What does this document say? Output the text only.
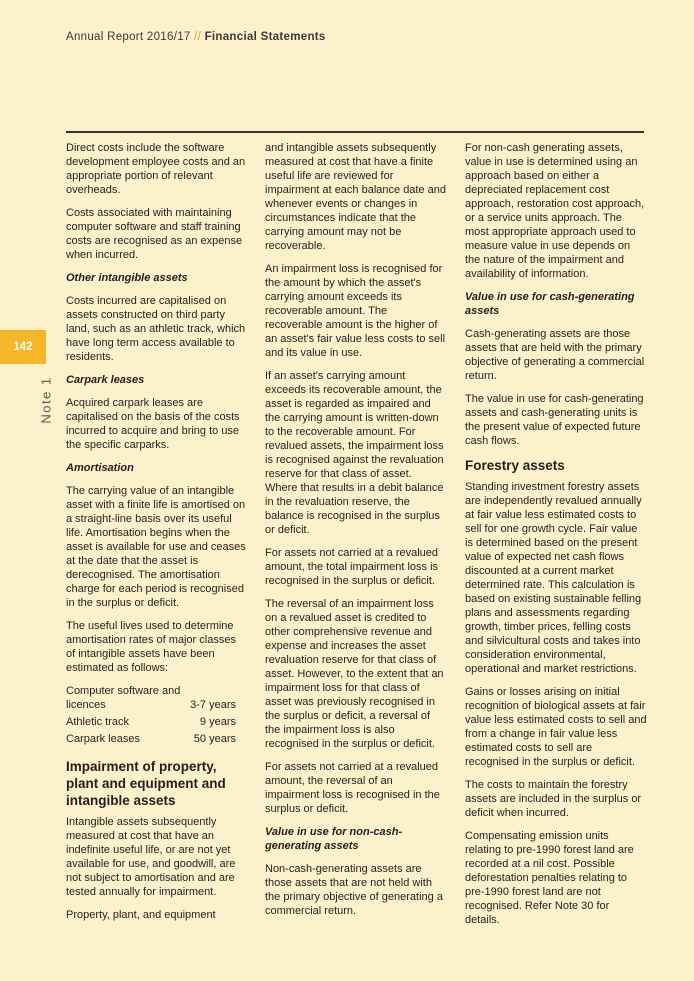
Annual Report 2016/17 // Financial Statements
142
Note 1

Direct costs include the software development employee costs and an appropriate portion of relevant overheads.

Costs associated with maintaining computer software and staff training costs are recognised as an expense when incurred.

Other intangible assets

Costs incurred are capitalised on assets constructed on third party land, such as an athletic track, which have long term access available to residents.

Carpark leases

Acquired carpark leases are capitalised on the basis of the costs incurred to acquire and bring to use the specific carparks.

Amortisation

The carrying value of an intangible asset with a finite life is amortised on a straight-line basis over its useful life. Amortisation begins when the asset is available for use and ceases at the date that the asset is derecognised. The amortisation charge for each period is recognised in the surplus or deficit.

The useful lives used to determine amortisation rates of major classes of intangible assets have been estimated as follows:

Computer software and licences	3-7 years
Athletic track	9 years
Carpark leases	50 years
Impairment of property, plant and equipment and intangible assets

Intangible assets subsequently measured at cost that have an indefinite useful life, or are not yet available for use, and goodwill, are not subject to amortisation and are tested annually for impairment.

Property, plant, and equipment

and intangible assets subsequently measured at cost that have a finite useful life are reviewed for impairment at each balance date and whenever events or changes in circumstances indicate that the carrying amount may not be recoverable.

An impairment loss is recognised for the amount by which the asset's carrying amount exceeds its recoverable amount. The recoverable amount is the higher of an asset's fair value less costs to sell and its value in use.

If an asset's carrying amount exceeds its recoverable amount, the asset is regarded as impaired and the carrying amount is written-down to the recoverable amount. For revalued assets, the impairment loss is recognised against the revaluation reserve for that class of asset. Where that results in a debit balance in the revaluation reserve, the balance is recognised in the surplus or deficit.

For assets not carried at a revalued amount, the total impairment loss is recognised in the surplus or deficit.

The reversal of an impairment loss on a revalued asset is credited to other comprehensive revenue and expense and increases the asset revaluation reserve for that class of asset. However, to the extent that an impairment loss for that class of asset was previously recognised in the surplus or deficit, a reversal of the impairment loss is also recognised in the surplus or deficit.

For assets not carried at a revalued amount, the reversal of an impairment loss is recognised in the surplus or deficit.

Value in use for non-cash-generating assets

Non-cash-generating assets are those assets that are not held with the primary objective of generating a commercial return.

For non-cash generating assets, value in use is determined using an approach based on either a depreciated replacement cost approach, restoration cost approach, or a service units approach. The most appropriate approach used to measure value in use depends on the nature of the impairment and availability of information.

Value in use for cash-generating assets

Cash-generating assets are those assets that are held with the primary objective of generating a commercial return.

The value in use for cash-generating assets and cash-generating units is the present value of expected future cash flows.

Forestry assets

Standing investment forestry assets are independently revalued annually at fair value less estimated costs to sell for one growth cycle. Fair value is determined based on the present value of expected net cash flows discounted at a current market determined rate. This calculation is based on existing sustainable felling plans and assessments regarding growth, timber prices, felling costs and silvicultural costs and takes into consideration environmental, operational and market restrictions.

Gains or losses arising on initial recognition of biological assets at fair value less estimated costs to sell and from a change in fair value less estimated costs to sell are recognised in the surplus or deficit.

The costs to maintain the forestry assets are included in the surplus or deficit when incurred.

Compensating emission units relating to pre-1990 forest land are recorded at a nil cost. Possible deforestation penalties relating to pre-1990 forest land are not recognised. Refer Note 30 for details.
